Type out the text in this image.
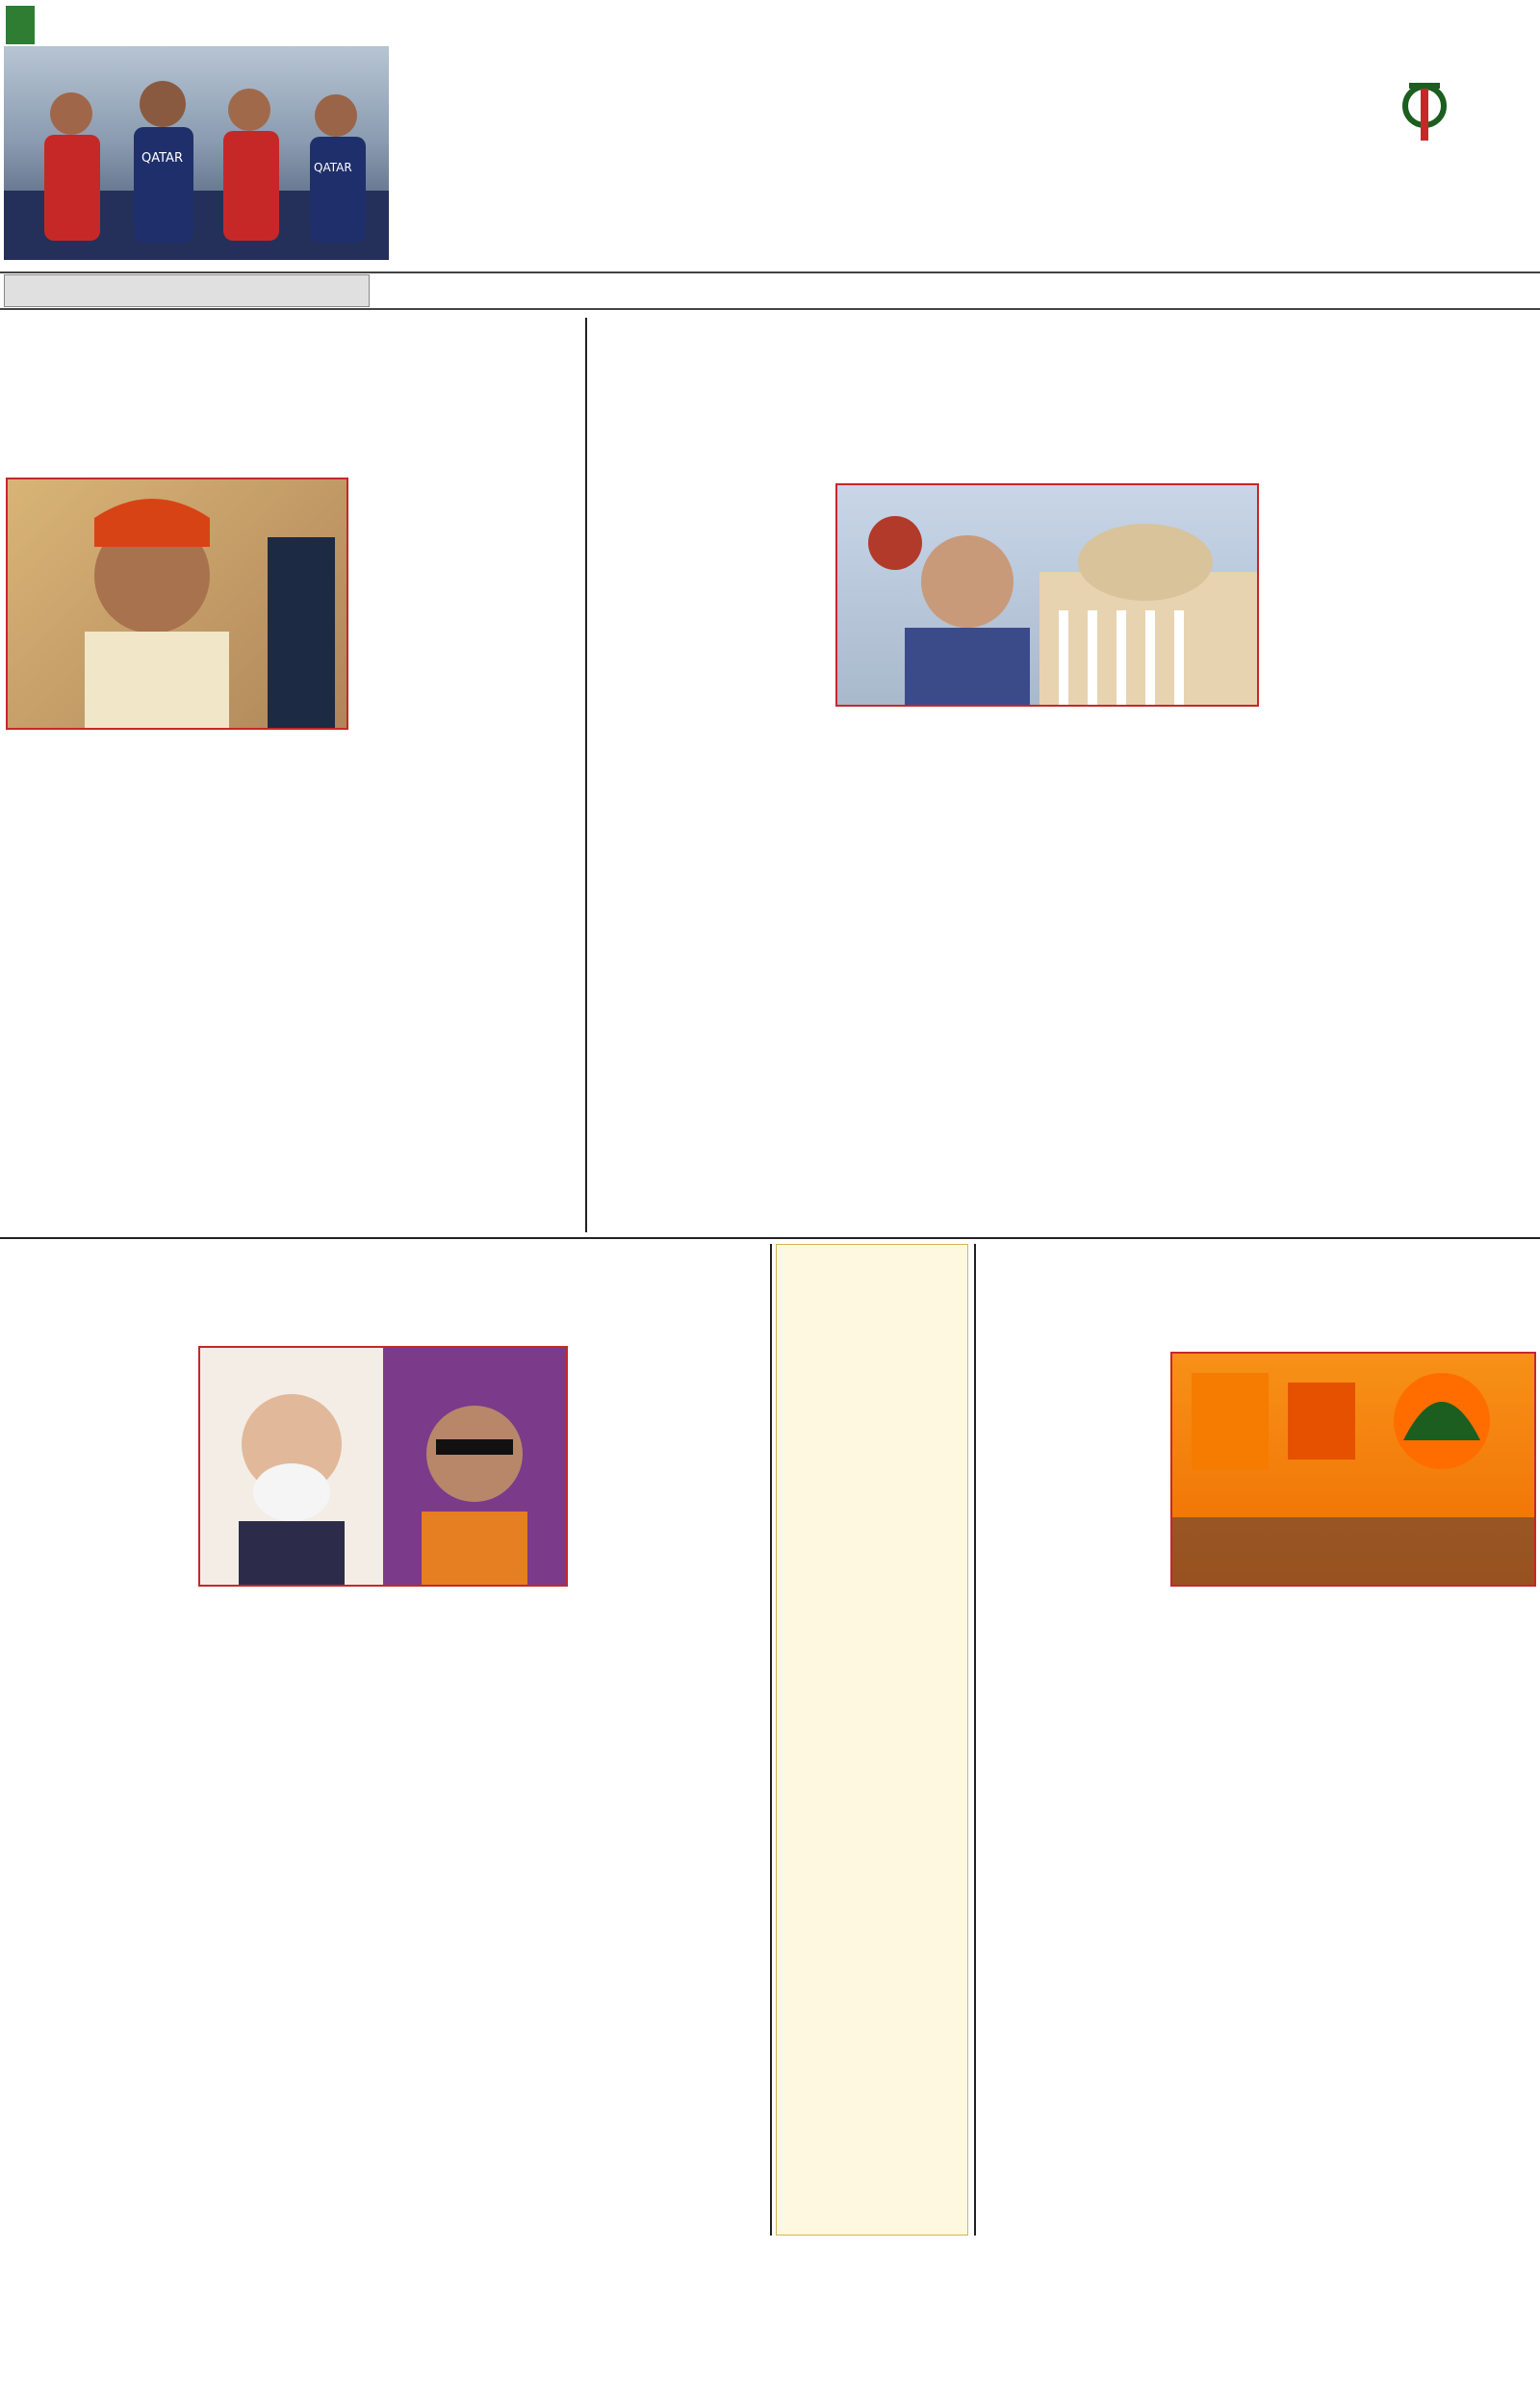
QATAR
QATAR
